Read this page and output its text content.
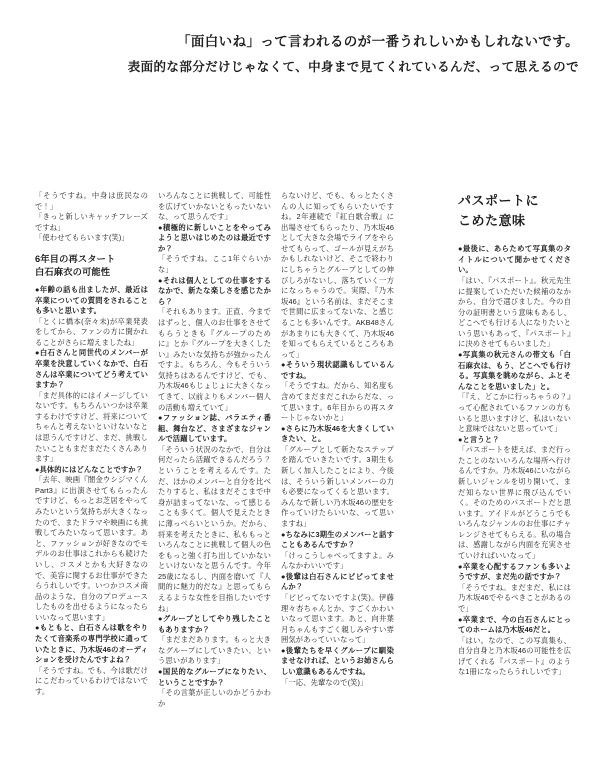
「面白いね」って言われるのが一番うれしいかもしれないです。
表面的な部分だけじゃなくて、中身まで見てくれているんだ、って思えるので

「そうですね。中身は庶民なので！」

「きっと新しいキャッチフレーズですね」

「使わせてもらいます(笑)」

6年目の再スタート
白石麻衣の可能性

●年齢の話も出ましたが、最近は卒業についての質問をされることも多いと思います。

「とくに橋本(奈々未)が卒業発表をしてから、ファンの方に聞かれることがさらに増えましたね」

●白石さんと同世代のメンバーが卒業を決意していくなかで、白石さんは卒業についてどう考えていますか？

「まだ具体的にはイメージしていないです。もちろんいつかは卒業するわけですけど、将来についてちゃんと考えないといけないなとは思うんですけど、まだ、挑戦したいこともまだまだたくさんあります」

●具体的にはどんなことですか？

「去年、映画『闇金ウシジマくんPart3』に出演させてもらったんですけど、もっとお芝居をやってみたいという気持ちが大きくなったので、またドラマや映画にも挑戦してみたいなって思います。あと、ファッションが好きなのでモデルのお仕事はこれからも続けたいし、コスメとかも大好きなので、美容に関するお仕事ができたらうれしいです。いつかコスメ商品のような、自分のプロデュースしたものを出せるようになったらいいなって思います」

●もともと、白石さんは歌をやりたくて音楽系の専門学校に通っていたときに、乃木坂46のオーディションを受けたんですよね？

「そうですね。でも、今は歌だけにこだわっているわけではないです。

いろんなことに挑戦して、可能性を広げていかないともったいないな、って思うんです」

●積極的に新しいことをやってみようと思いはじめたのは最近ですか？

「そうですね。ここ1年ぐらいかな」

●それは個人としての仕事をするなかで、新たな楽しさを感じたから？

「それもあります。正直、今まではずっと、個人のお仕事をさせてもらうときも『グループのために』とか『グループを大きくしたい』みたいな気持ちが強かったんですよ。もちろん、今もそういう気持ちはあるんですけど、でも、乃木坂46もじょじょに大きくなってきて、以前よりもメンバー個人の活動も増えていて」

●ファッション誌、バラエティ番組、舞台など、さまざまなジャンルで活躍しています。

「そういう状況のなかで、自分は何だったら活躍できるんだろう？　ということを考えるんです。ただ、ほかのメンバーと自分を比べたりすると、私はまだそこまで中身が詰まってないな、って感じることも多くて。個人で見えたときに薄っぺらいというか。だから、将来を考えたときに、私ももっといろんなことに挑戦して個人の色をもっと強く打ち出していかないといけないなと思うんです。今年25歳になるし、内面を磨いて『人間的に魅力的だな』と思ってもらえるような女性を目指したいですね」

●グループとしてやり残したこともありますか？

「まだまだあります。もっと大きなグループにしていきたい、という思いがあります」

●国民的なグループになりたい、ということですか？

「その言葉が正しいのかどうかわか

らないけど、でも、もっとたくさんの人に知ってもらいたいですね。2年連続で『紅白歌合戦』に出場させてもらったり、乃木坂46として大きな会場でライブをやらせてもらって、ゴールが見えがちかもしれないけど、そこで終わりにしちゃうとグループとしての伸びしろがないし、落ちていく一方になっちゃうので。実際、『乃木坂46』という名前は、まだそこまで世間に広まってないな、と感じることも多いんです。AKB48さんがあまりにも大きくて、乃木坂46を知ってもらえているところもあって」

●そういう現状認識もしているんですね。

「そうですね。だから、知名度も含めてまだまだこれからだな、って思います。6年目からの再スタートじゃないかと」

●さらに乃木坂46を大きくしていきたい、と。

「グループとして新たなステップを踏んでいきたいです。3期生も新しく加入したことにより、今後は、そういう新しいメンバーの力も必要になってくると思います。みんなで新しい乃木坂46の歴史を作っていけたらいいな、って思いますね」

●ちなみに3期生のメンバーと話すこともあるんですか？

「けっこうしゃべってますよ。みんなかわいいです」

●後輩は白石さんにビビってませんか？

「ビビってないですよ(笑)。伊藤理々杏ちゃんとか、すごくかわいいなって思います。あと、向井葉月ちゃんもすごく親しみやすい雰囲気があっていいなって」

●後輩たちを早くグループに馴染ませなければ、というお姉さんらしい意識もあるんですね。

「一応、先輩なので(笑)」

パスポートに
こめた意味

●最後に、あらためて写真集のタイトルについて聞かせてください。

「はい、『パスポート』。秋元先生に提案していただいた候補のなかから、自分で選びました。今の自分の証明書という意味もあるし、どこへでも行ける人になりたいという思いもあって、『パスポート』に決めさせてもらいました」

●写真集の秋元さんの帯文も「白石麻衣は、もう、どこへでも行ける。写真集を眺めながら、ふとそんなことを思いました」と。

「『え、どこかに行っちゃうの？』って心配されているファンの方もいると思いますけど、私はいないと意味ではないと思っていて」

●と言うと？

「パスポートを使えば、まだ行ったことのないいろんな場所へ行けるんですか。乃木坂46にいながら新しいジャンルを切り開いて、まだ知らない世界に飛び込んでいく。そのためのパスポートだと思います。アイドルがどうこうでもいろんなジャンルのお仕事にチャレンジさせてもらえる。私の場合は、感謝しながら内面を充実させていければいいなって」

●卒業を心配するファンも多いようですが、まだ先の話ですか？

「そうですね。まだまだ、私には乃木坂46でやるべきことがあるので」

●卒業まで、今の白石さんにとってのホームは乃木坂46だと。

「はい。なので、この写真集も、自分自身と乃木坂46の可能性を広げてくれる『パスポート』のような1冊になったらうれしいです」
